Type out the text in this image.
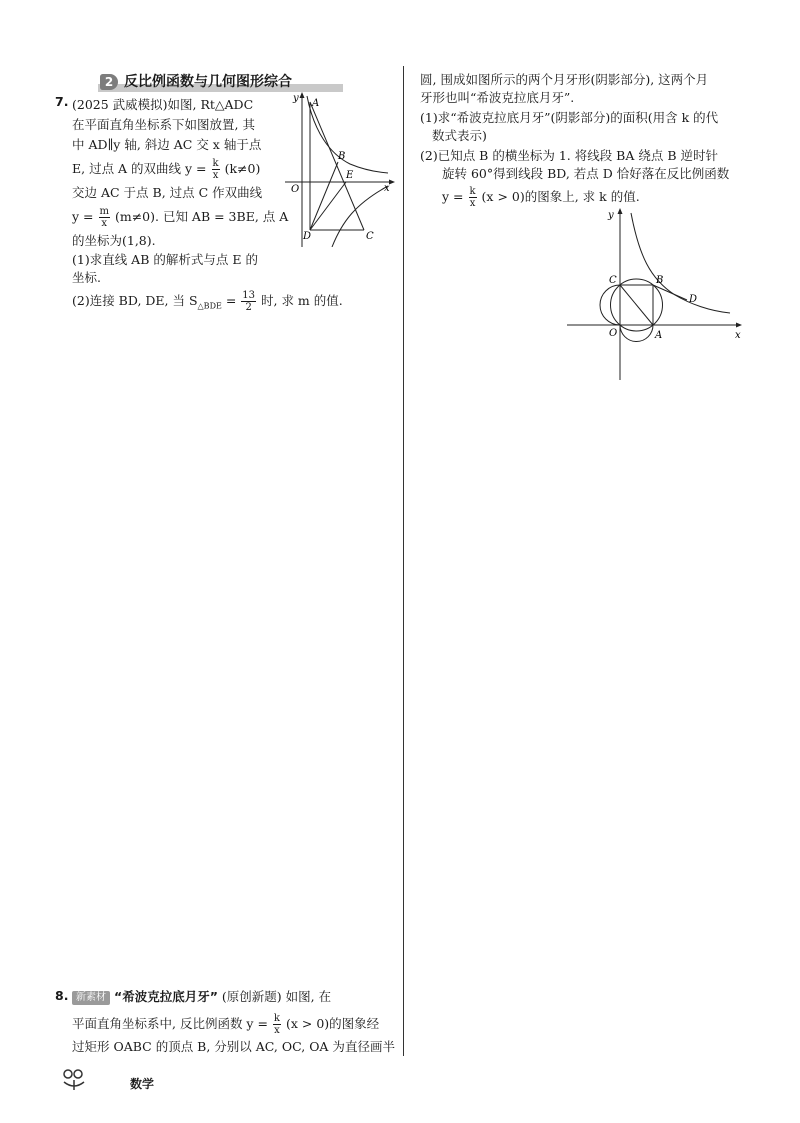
2 反比例函数与几何图形综合
7. (2025 武威模拟)如图, Rt△ADC
在平面直角坐标系下如图放置, 其
中 AD∥y 轴, 斜边 AC 交 x 轴于点
E, 过点 A 的双曲线 $y = \frac{k}{x} (k\ne 0)$
交边 AC 于点 B, 过点 C 作双曲线
$y = \frac{m}{x} (m\ne 0)$. 已知 AB = 3BE, 点 A
的坐标为(1,8).
(1)求直线 AB 的解析式与点 E 的
坐标.
(2)连接 BD, DE, 当 $S_{\triangle BDE} = \frac{13}{2}$ 时, 求 m 的值.
y A
B
E
O	x
D	C
圆, 围成如图所示的两个月牙形(阴影部分), 这两个月
牙形也叫“希波克拉底月牙”.
(1)求“希波克拉底月牙”(阴影部分)的面积(用含 k 的代
数式表示)
(2)已知点 B 的横坐标为 1. 将线段 BA 绕点 B 逆时针
旋转 60°得到线段 BD, 若点 D 恰好落在反比例函数
$y = \frac{k}{x} (x > 0)$的图象上, 求 k 的值.
y
C	B
D
O	A	x
8. 新素材 “希波克拉底月牙” (原创新题) 如图, 在
平面直角坐标系中, 反比例函数 $y = \frac{k}{x} (x > 0)$的图象经
过矩形 OABC 的顶点 B, 分别以 AC, OC, OA 为直径画半
数学
